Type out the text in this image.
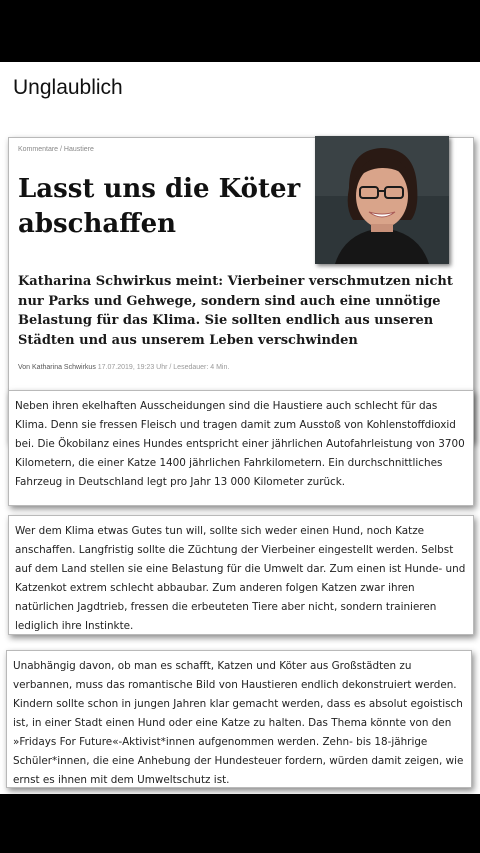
Unglaublich
Kommentare / Haustiere
Lasst uns die Köter abschaffen
Katharina Schwirkus meint: Vierbeiner verschmutzen nicht nur Parks und Gehwege, sondern sind auch eine unnötige Belastung für das Klima. Sie sollten endlich aus unseren Städten und aus unserem Leben verschwinden
Von Katharina Schwirkus 17.07.2019, 19:23 Uhr / Lesedauer: 4 Min.

Neben ihren ekelhaften Ausscheidungen sind die Haustiere auch schlecht für das Klima. Denn sie fressen Fleisch und tragen damit zum Ausstoß von Kohlenstoffdioxid bei. Die Ökobilanz eines Hundes entspricht einer jährlichen Autofahrleistung von 3700 Kilometern, die einer Katze 1400 jährlichen Fahrkilometern. Ein durchschnittliches Fahrzeug in Deutschland legt pro Jahr 13 000 Kilometer zurück.

Wer dem Klima etwas Gutes tun will, sollte sich weder einen Hund, noch Katze anschaffen. Langfristig sollte die Züchtung der Vierbeiner eingestellt werden. Selbst auf dem Land stellen sie eine Belastung für die Umwelt dar. Zum einen ist Hunde- und Katzenkot extrem schlecht abbaubar. Zum anderen folgen Katzen zwar ihren natürlichen Jagdtrieb, fressen die erbeuteten Tiere aber nicht, sondern trainieren lediglich ihre Instinkte.

Unabhängig davon, ob man es schafft, Katzen und Köter aus Großstädten zu verbannen, muss das romantische Bild von Haustieren endlich dekonstruiert werden. Kindern sollte schon in jungen Jahren klar gemacht werden, dass es absolut egoistisch ist, in einer Stadt einen Hund oder eine Katze zu halten. Das Thema könnte von den »Fridays For Future«-Aktivist*innen aufgenommen werden. Zehn- bis 18-jährige Schüler*innen, die eine Anhebung der Hundesteuer fordern, würden damit zeigen, wie ernst es ihnen mit dem Umweltschutz ist.
